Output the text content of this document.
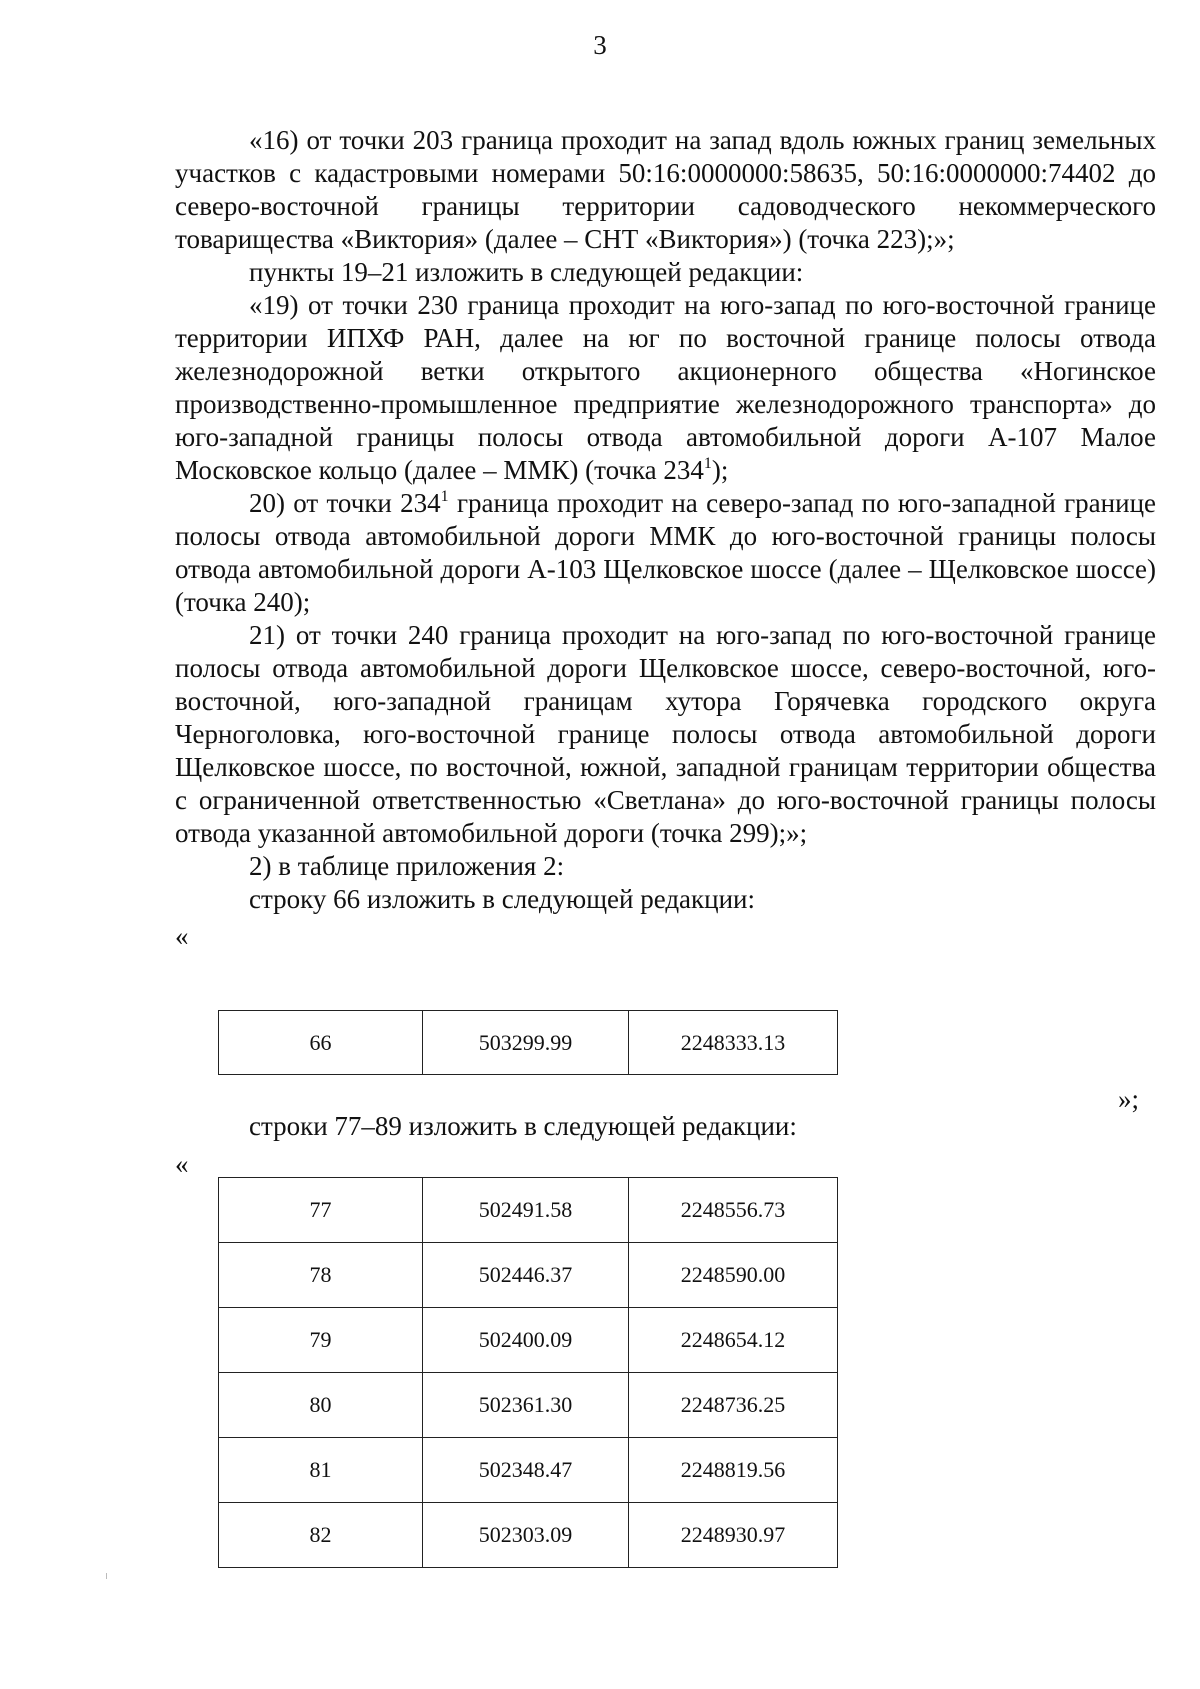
3

«16) от точки 203 граница проходит на запад вдоль южных границ земельных участков с кадастровыми номерами 50:16:0000000:58635, 50:16:0000000:74402 до северо-восточной границы территории садоводческого некоммерческого товарищества «Виктория» (далее – СНТ «Виктория») (точка 223);»;

пункты 19–21 изложить в следующей редакции:

«19) от точки 230 граница проходит на юго-запад по юго-восточной границе территории ИПХФ РАН, далее на юг по восточной границе полосы отвода железнодорожной ветки открытого акционерного общества «Ногинское производственно-промышленное предприятие железнодорожного транспорта» до юго-западной границы полосы отвода автомобильной дороги А-107 Малое Московское кольцо (далее – ММК) (точка $234^1$);

20) от точки $234^1$ граница проходит на северо-запад по юго-западной границе полосы отвода автомобильной дороги ММК до юго-восточной границы полосы отвода автомобильной дороги А-103 Щелковское шоссе (далее – Щелковское шоссе) (точка 240);

21) от точки 240 граница проходит на юго-запад по юго-восточной границе полосы отвода автомобильной дороги Щелковское шоссе, северо-восточной, юго-восточной, юго-западной границам хутора Горячевка городского округа Черноголовка, юго-восточной границе полосы отвода автомобильной дороги Щелковское шоссе, по восточной, южной, западной границам территории общества с ограниченной ответственностью «Светлана» до юго-восточной границы полосы отвода указанной автомобильной дороги (точка 299);»;

2) в таблице приложения 2:

строку 66 изложить в следующей редакции:

«
66	503299.99	2248333.13
»;

строки 77–89 изложить в следующей редакции:

«
77	502491.58	2248556.73
78	502446.37	2248590.00
79	502400.09	2248654.12
80	502361.30	2248736.25
81	502348.47	2248819.56
82	502303.09	2248930.97
